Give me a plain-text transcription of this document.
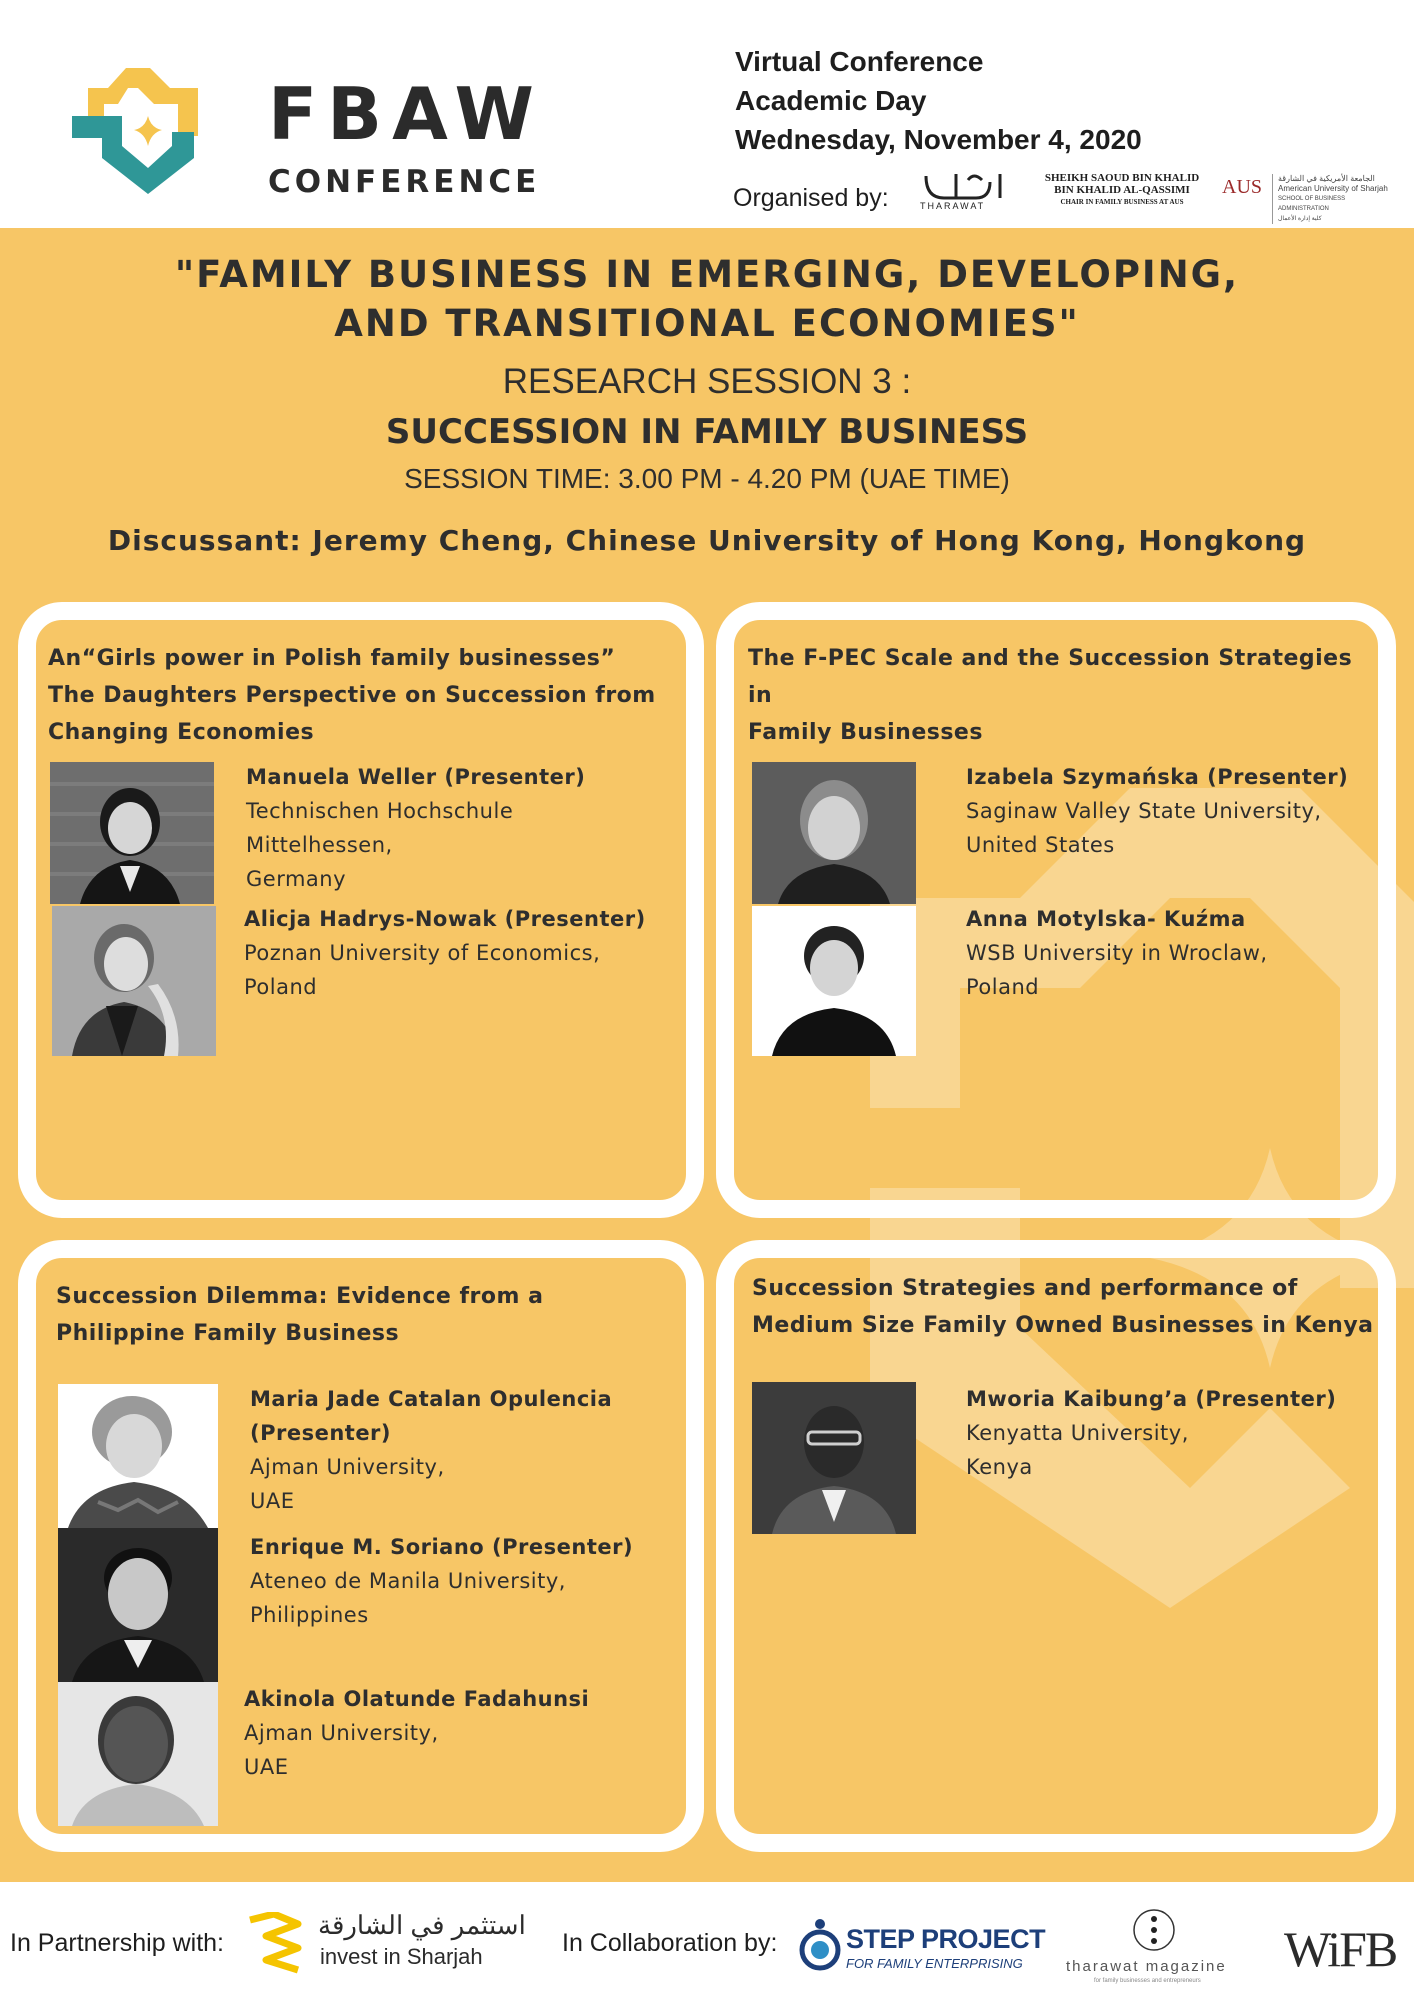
FBAW
CONFERENCE
Virtual Conference
Academic Day
Wednesday, November 4, 2020
Organised by:	THARAWAT
SHEIKH SAOUD BIN KHALID
BIN KHALID AL-QASSIMI
CHAIR IN FAMILY BUSINESS AT AUS
AUS الجامعة الأمريكية في الشارقة
American University of Sharjah
SCHOOL OF BUSINESS ADMINISTRATION
كلية إدارة الأعمال
"FAMILY BUSINESS IN EMERGING, DEVELOPING,
AND TRANSITIONAL ECONOMIES"
RESEARCH SESSION 3 :
SUCCESSION IN FAMILY BUSINESS
SESSION TIME: 3.00 PM - 4.20 PM (UAE TIME)
Discussant: Jeremy Cheng, Chinese University of Hong Kong, Hongkong
An“Girls power in Polish family businesses”
The Daughters Perspective on Succession from
Changing Economies
Manuela Weller (Presenter)
Technischen Hochschule
Mittelhessen,
Germany
Alicja Hadrys-Nowak (Presenter)
Poznan University of Economics,
Poland
The F-PEC Scale and the Succession Strategies in
Family Businesses
Izabela Szymańska (Presenter)
Saginaw Valley State University,
United States
Anna Motylska- Kuźma
WSB University in Wroclaw,
Poland
Succession Dilemma: Evidence from a
Philippine Family Business
Maria Jade Catalan Opulencia
(Presenter)
Ajman University,
UAE
Enrique M. Soriano (Presenter)
Ateneo de Manila University,
Philippines
Akinola Olatunde Fadahunsi
Ajman University,
UAE
Succession Strategies and performance of
Medium Size Family Owned Businesses in Kenya
Mworia Kaibung’a (Presenter)
Kenyatta University,
Kenya
In Partnership with:
استثمر في الشارقة
invest in Sharjah	In Collaboration by:	STEP PROJECT
FOR FAMILY ENTERPRISING	tharawat magazine
for family businesses and entrepreneurs
WiFB
